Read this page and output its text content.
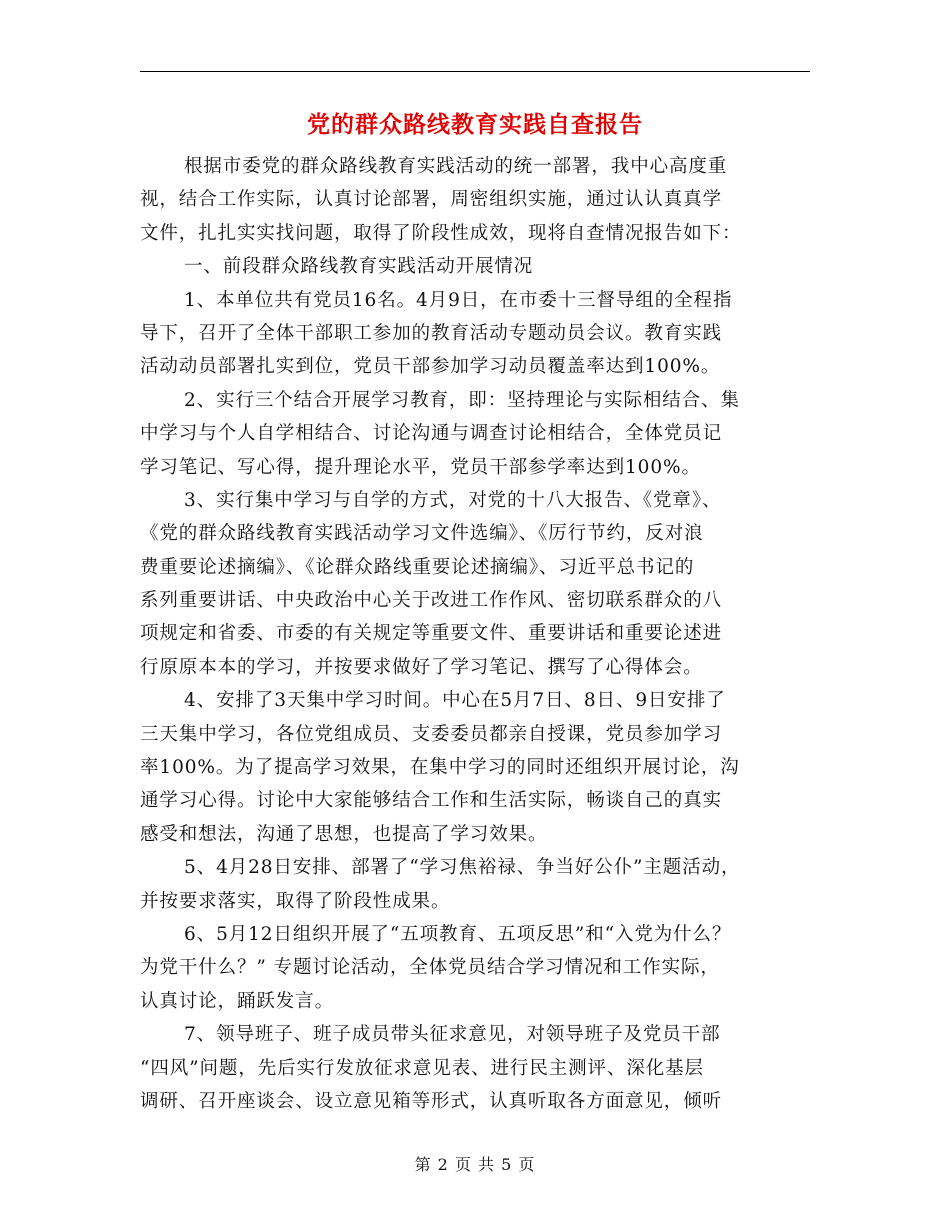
党的群众路线教育实践自查报告
根据市委党的群众路线教育实践活动的统一部署，我中心高度重
视，结合工作实际，认真讨论部署，周密组织实施，通过认认真真学
文件，扎扎实实找问题，取得了阶段性成效，现将自查情况报告如下：
一、前段群众路线教育实践活动开展情况
1、本单位共有党员16名。4月9日，在市委十三督导组的全程指
导下，召开了全体干部职工参加的教育活动专题动员会议。教育实践
活动动员部署扎实到位，党员干部参加学习动员覆盖率达到100%。
2、实行三个结合开展学习教育，即：坚持理论与实际相结合、集
中学习与个人自学相结合、讨论沟通与调查讨论相结合，全体党员记
学习笔记、写心得，提升理论水平，党员干部参学率达到100%。
3、实行集中学习与自学的方式，对党的十八大报告、《党章》、
《党的群众路线教育实践活动学习文件选编》、《厉行节约，反对浪
费重要论述摘编》、《论群众路线重要论述摘编》、习近平总书记的
系列重要讲话、中央政治中心关于改进工作作风、密切联系群众的八
项规定和省委、市委的有关规定等重要文件、重要讲话和重要论述进
行原原本本的学习，并按要求做好了学习笔记、撰写了心得体会。
4、安排了3天集中学习时间。中心在5月7日、8日、9日安排了
三天集中学习，各位党组成员、支委委员都亲自授课，党员参加学习
率100%。为了提高学习效果，在集中学习的同时还组织开展讨论，沟
通学习心得。讨论中大家能够结合工作和生活实际，畅谈自己的真实
感受和想法，沟通了思想，也提高了学习效果。
5、4月28日安排、部署了“学习焦裕禄、争当好公仆”主题活动，
并按要求落实，取得了阶段性成果。
6、5月12日组织开展了“五项教育、五项反思”和“入党为什么？
为党干什么？” 专题讨论活动，全体党员结合学习情况和工作实际，
认真讨论，踊跃发言。
7、领导班子、班子成员带头征求意见，对领导班子及党员干部
“四风”问题，先后实行发放征求意见表、进行民主测评、深化基层
调研、召开座谈会、设立意见箱等形式，认真听取各方面意见，倾听
第 2 页 共 5 页
